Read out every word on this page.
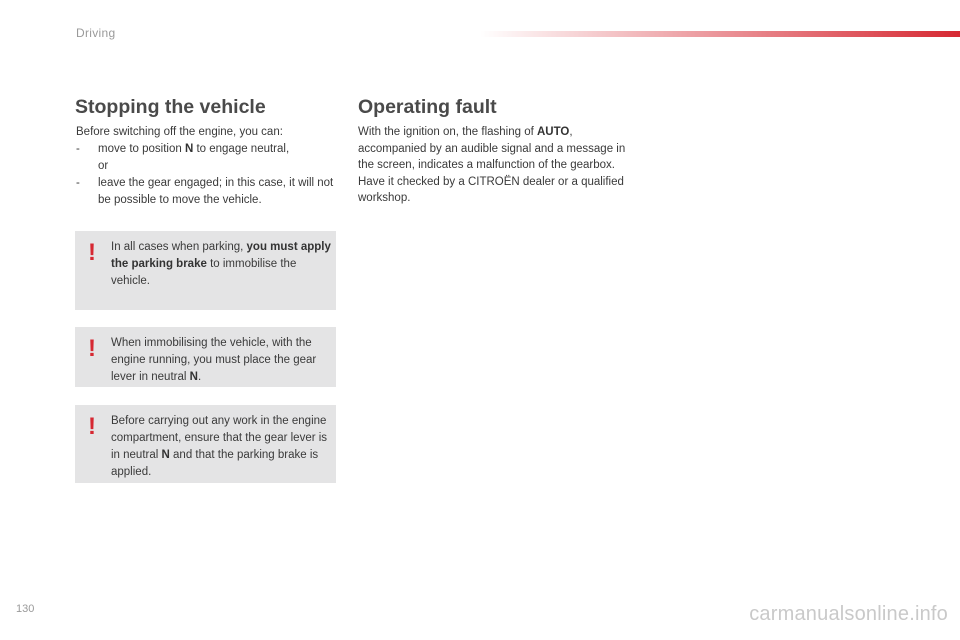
Driving
Stopping the vehicle
Before switching off the engine, you can:
- move to position N to engage neutral,
or
- leave the gear engaged; in this case, it will not be possible to move the vehicle.
!	In all cases when parking, you must apply the parking brake to immobilise the vehicle.
!	When immobilising the vehicle, with the engine running, you must place the gear lever in neutral N.
!	Before carrying out any work in the engine compartment, ensure that the gear lever is in neutral N and that the parking brake is applied.
Operating fault

With the ignition on, the flashing of AUTO, accompanied by an audible signal and a message in the screen, indicates a malfunction of the gearbox.

Have it checked by a CITROËN dealer or a qualified workshop.

130	carmanualsonline.info
